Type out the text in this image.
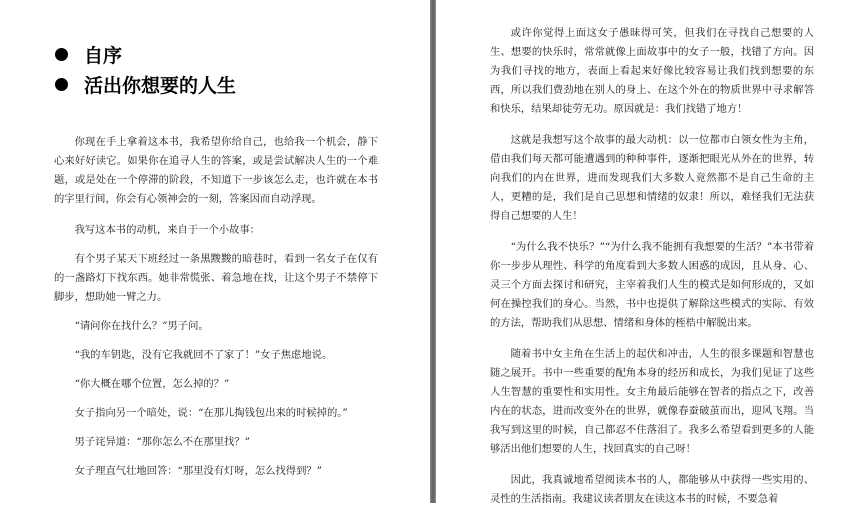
自序
活出你想要的人生

你现在手上拿着这本书，我希望你给自己，也给我一个机会，静下心来好好读它。如果你在追寻人生的答案，或是尝试解决人生的一个难题，或是处在一个停滞的阶段，不知道下一步该怎么走，也许就在本书的字里行间，你会有心领神会的一刻，答案因而自动浮现。

我写这本书的动机，来自于一个小故事：

有个男子某天下班经过一条黑黢黢的暗巷时，看到一名女子在仅有的一盏路灯下找东西。她非常慌张、着急地在找，让这个男子不禁停下脚步，想助她一臂之力。

“请问你在找什么？”男子问。

“我的车钥匙，没有它我就回不了家了！”女子焦虑地说。

“你大概在哪个位置，怎么掉的？”

女子指向另一个暗处，说：“在那儿掏钱包出来的时候掉的。”

男子诧异道：“那你怎么不在那里找？”

女子理直气壮地回答：“那里没有灯呀，怎么找得到？”

或许你觉得上面这女子愚昧得可笑，但我们在寻找自己想要的人生、想要的快乐时，常常就像上面故事中的女子一般，找错了方向。因为我们寻找的地方，表面上看起来好像比较容易让我们找到想要的东西，所以我们费劲地在别人的身上、在这个外在的物质世界中寻求解答和快乐，结果却徒劳无功。原因就是：我们找错了地方！

这就是我想写这个故事的最大动机：以一位都市白领女性为主角，借由我们每天都可能遭遇到的种种事件，逐渐把眼光从外在的世界，转向我们的内在世界，进而发现我们大多数人竟然都不是自己生命的主人，更糟的是，我们是自己思想和情绪的奴隶！所以，难怪我们无法获得自己想要的人生！

“为什么我不快乐？”“为什么我不能拥有我想要的生活？”本书带着你一步步从理性、科学的角度看到大多数人困惑的成因，且从身、心、灵三个方面去探讨和研究，主宰着我们人生的模式是如何形成的，又如何在操控我们的身心。当然，书中也提供了解除这些模式的实际、有效的方法，帮助我们从思想、情绪和身体的桎梏中解脱出来。

随着书中女主角在生活上的起伏和冲击，人生的很多课题和智慧也随之展开。书中一些重要的配角本身的经历和成长，为我们见证了这些人生智慧的重要性和实用性。女主角最后能够在智者的指点之下，改善内在的状态，进而改变外在的世界，就像春蚕破茧而出，迎风飞翔。当我写到这里的时候，自己都忍不住落泪了。我多么希望看到更多的人能够活出他们想要的人生，找回真实的自己呀！

因此，我真诚地希望阅读本书的人，都能够从中获得一些实用的、灵性的生活指南。我建议读者朋友在读这本书的时候，不要急着
